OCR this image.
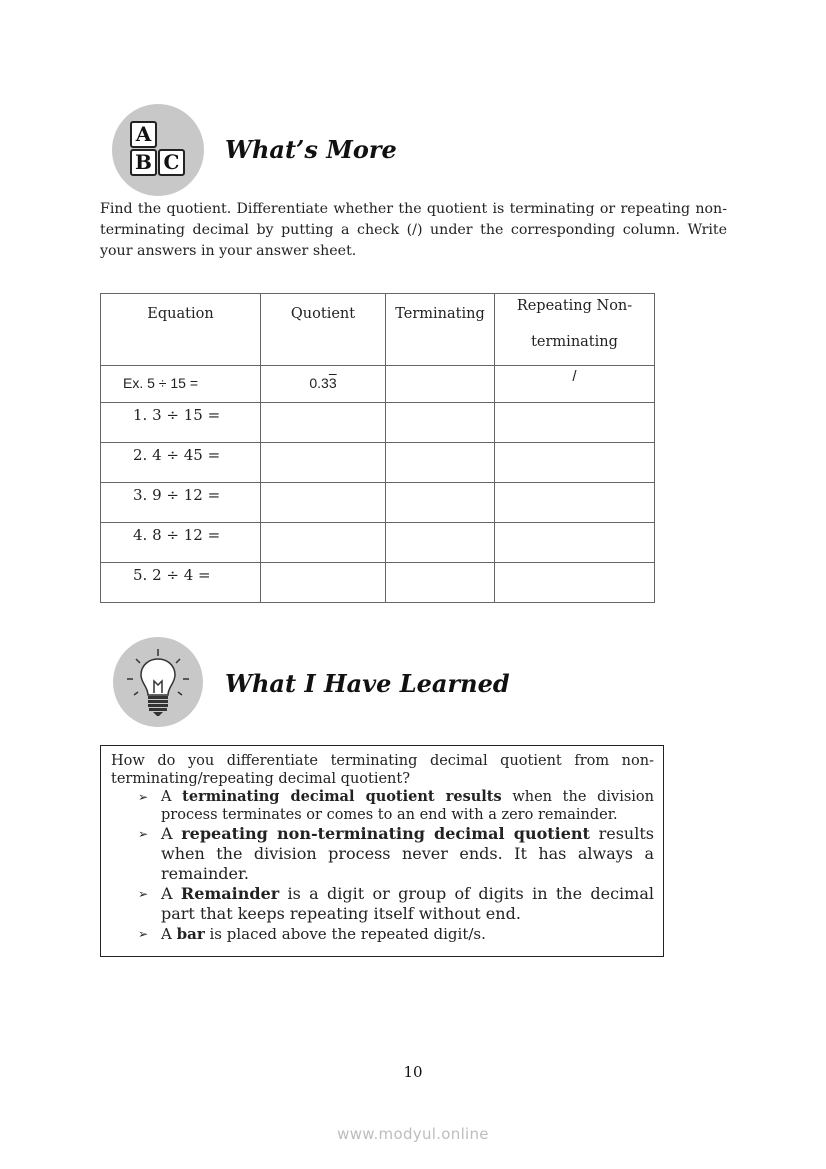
A
B C What’s More
Find the quotient. Differentiate whether the quotient is terminating or repeating non-terminating decimal by putting a check (/) under the corresponding column. Write your answers in your answer sheet.
Equation	Quotient	Terminating	Repeating Non-
terminating

Ex. 5 ÷ 15 =	0.33		/
1. 3 ÷ 15 =			
2. 4 ÷ 45 =			
3. 9 ÷ 12 =			
4. 8 ÷ 12 =			
5. 2 ÷ 4 =			
What I Have Learned
How do you differentiate terminating decimal quotient from non-terminating/repeating decimal quotient?
➢ A terminating decimal quotient results when the division process terminates or comes to an end with a zero remainder.
➢ A repeating non-terminating decimal quotient results when the division process never ends. It has always a remainder.
➢ A Remainder is a digit or group of digits in the decimal part that keeps repeating itself without end.
➢ A bar is placed above the repeated digit/s.
10
www.modyul.online
